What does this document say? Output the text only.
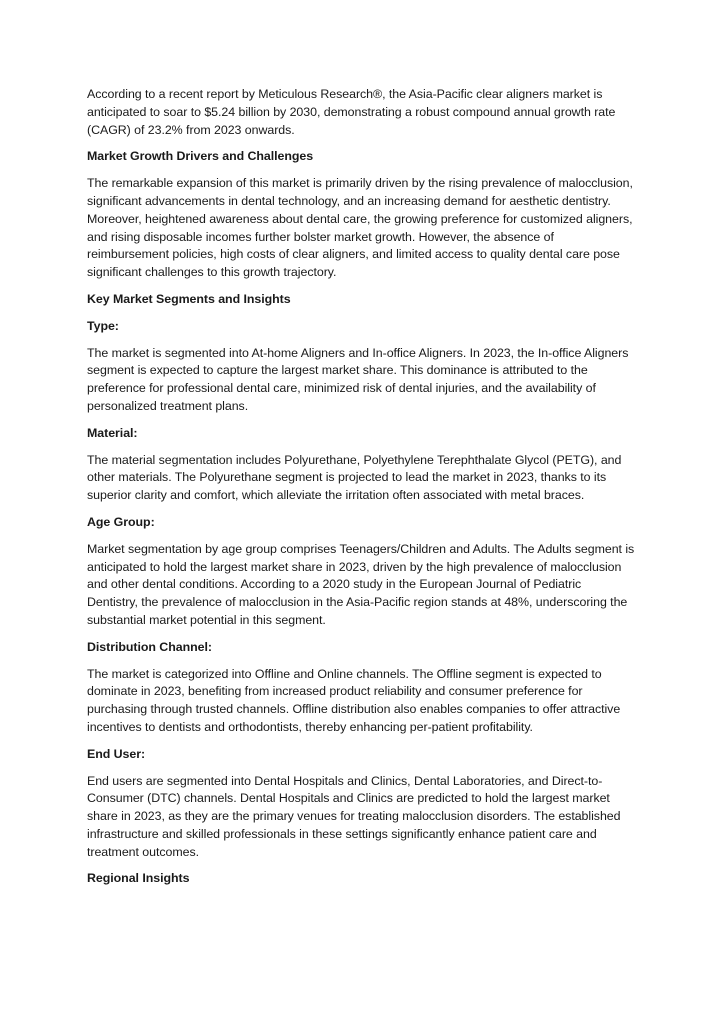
According to a recent report by Meticulous Research®, the Asia-Pacific clear aligners market is anticipated to soar to $5.24 billion by 2030, demonstrating a robust compound annual growth rate (CAGR) of 23.2% from 2023 onwards.

Market Growth Drivers and Challenges

The remarkable expansion of this market is primarily driven by the rising prevalence of malocclusion, significant advancements in dental technology, and an increasing demand for aesthetic dentistry. Moreover, heightened awareness about dental care, the growing preference for customized aligners, and rising disposable incomes further bolster market growth. However, the absence of reimbursement policies, high costs of clear aligners, and limited access to quality dental care pose significant challenges to this growth trajectory.

Key Market Segments and Insights

Type:

The market is segmented into At-home Aligners and In-office Aligners. In 2023, the In-office Aligners segment is expected to capture the largest market share. This dominance is attributed to the preference for professional dental care, minimized risk of dental injuries, and the availability of personalized treatment plans.

Material:

The material segmentation includes Polyurethane, Polyethylene Terephthalate Glycol (PETG), and other materials. The Polyurethane segment is projected to lead the market in 2023, thanks to its superior clarity and comfort, which alleviate the irritation often associated with metal braces.

Age Group:

Market segmentation by age group comprises Teenagers/Children and Adults. The Adults segment is anticipated to hold the largest market share in 2023, driven by the high prevalence of malocclusion and other dental conditions. According to a 2020 study in the European Journal of Pediatric Dentistry, the prevalence of malocclusion in the Asia-Pacific region stands at 48%, underscoring the substantial market potential in this segment.

Distribution Channel:

The market is categorized into Offline and Online channels. The Offline segment is expected to dominate in 2023, benefiting from increased product reliability and consumer preference for purchasing through trusted channels. Offline distribution also enables companies to offer attractive incentives to dentists and orthodontists, thereby enhancing per-patient profitability.

End User:

End users are segmented into Dental Hospitals and Clinics, Dental Laboratories, and Direct-to-Consumer (DTC) channels. Dental Hospitals and Clinics are predicted to hold the largest market share in 2023, as they are the primary venues for treating malocclusion disorders. The established infrastructure and skilled professionals in these settings significantly enhance patient care and treatment outcomes.

Regional Insights
